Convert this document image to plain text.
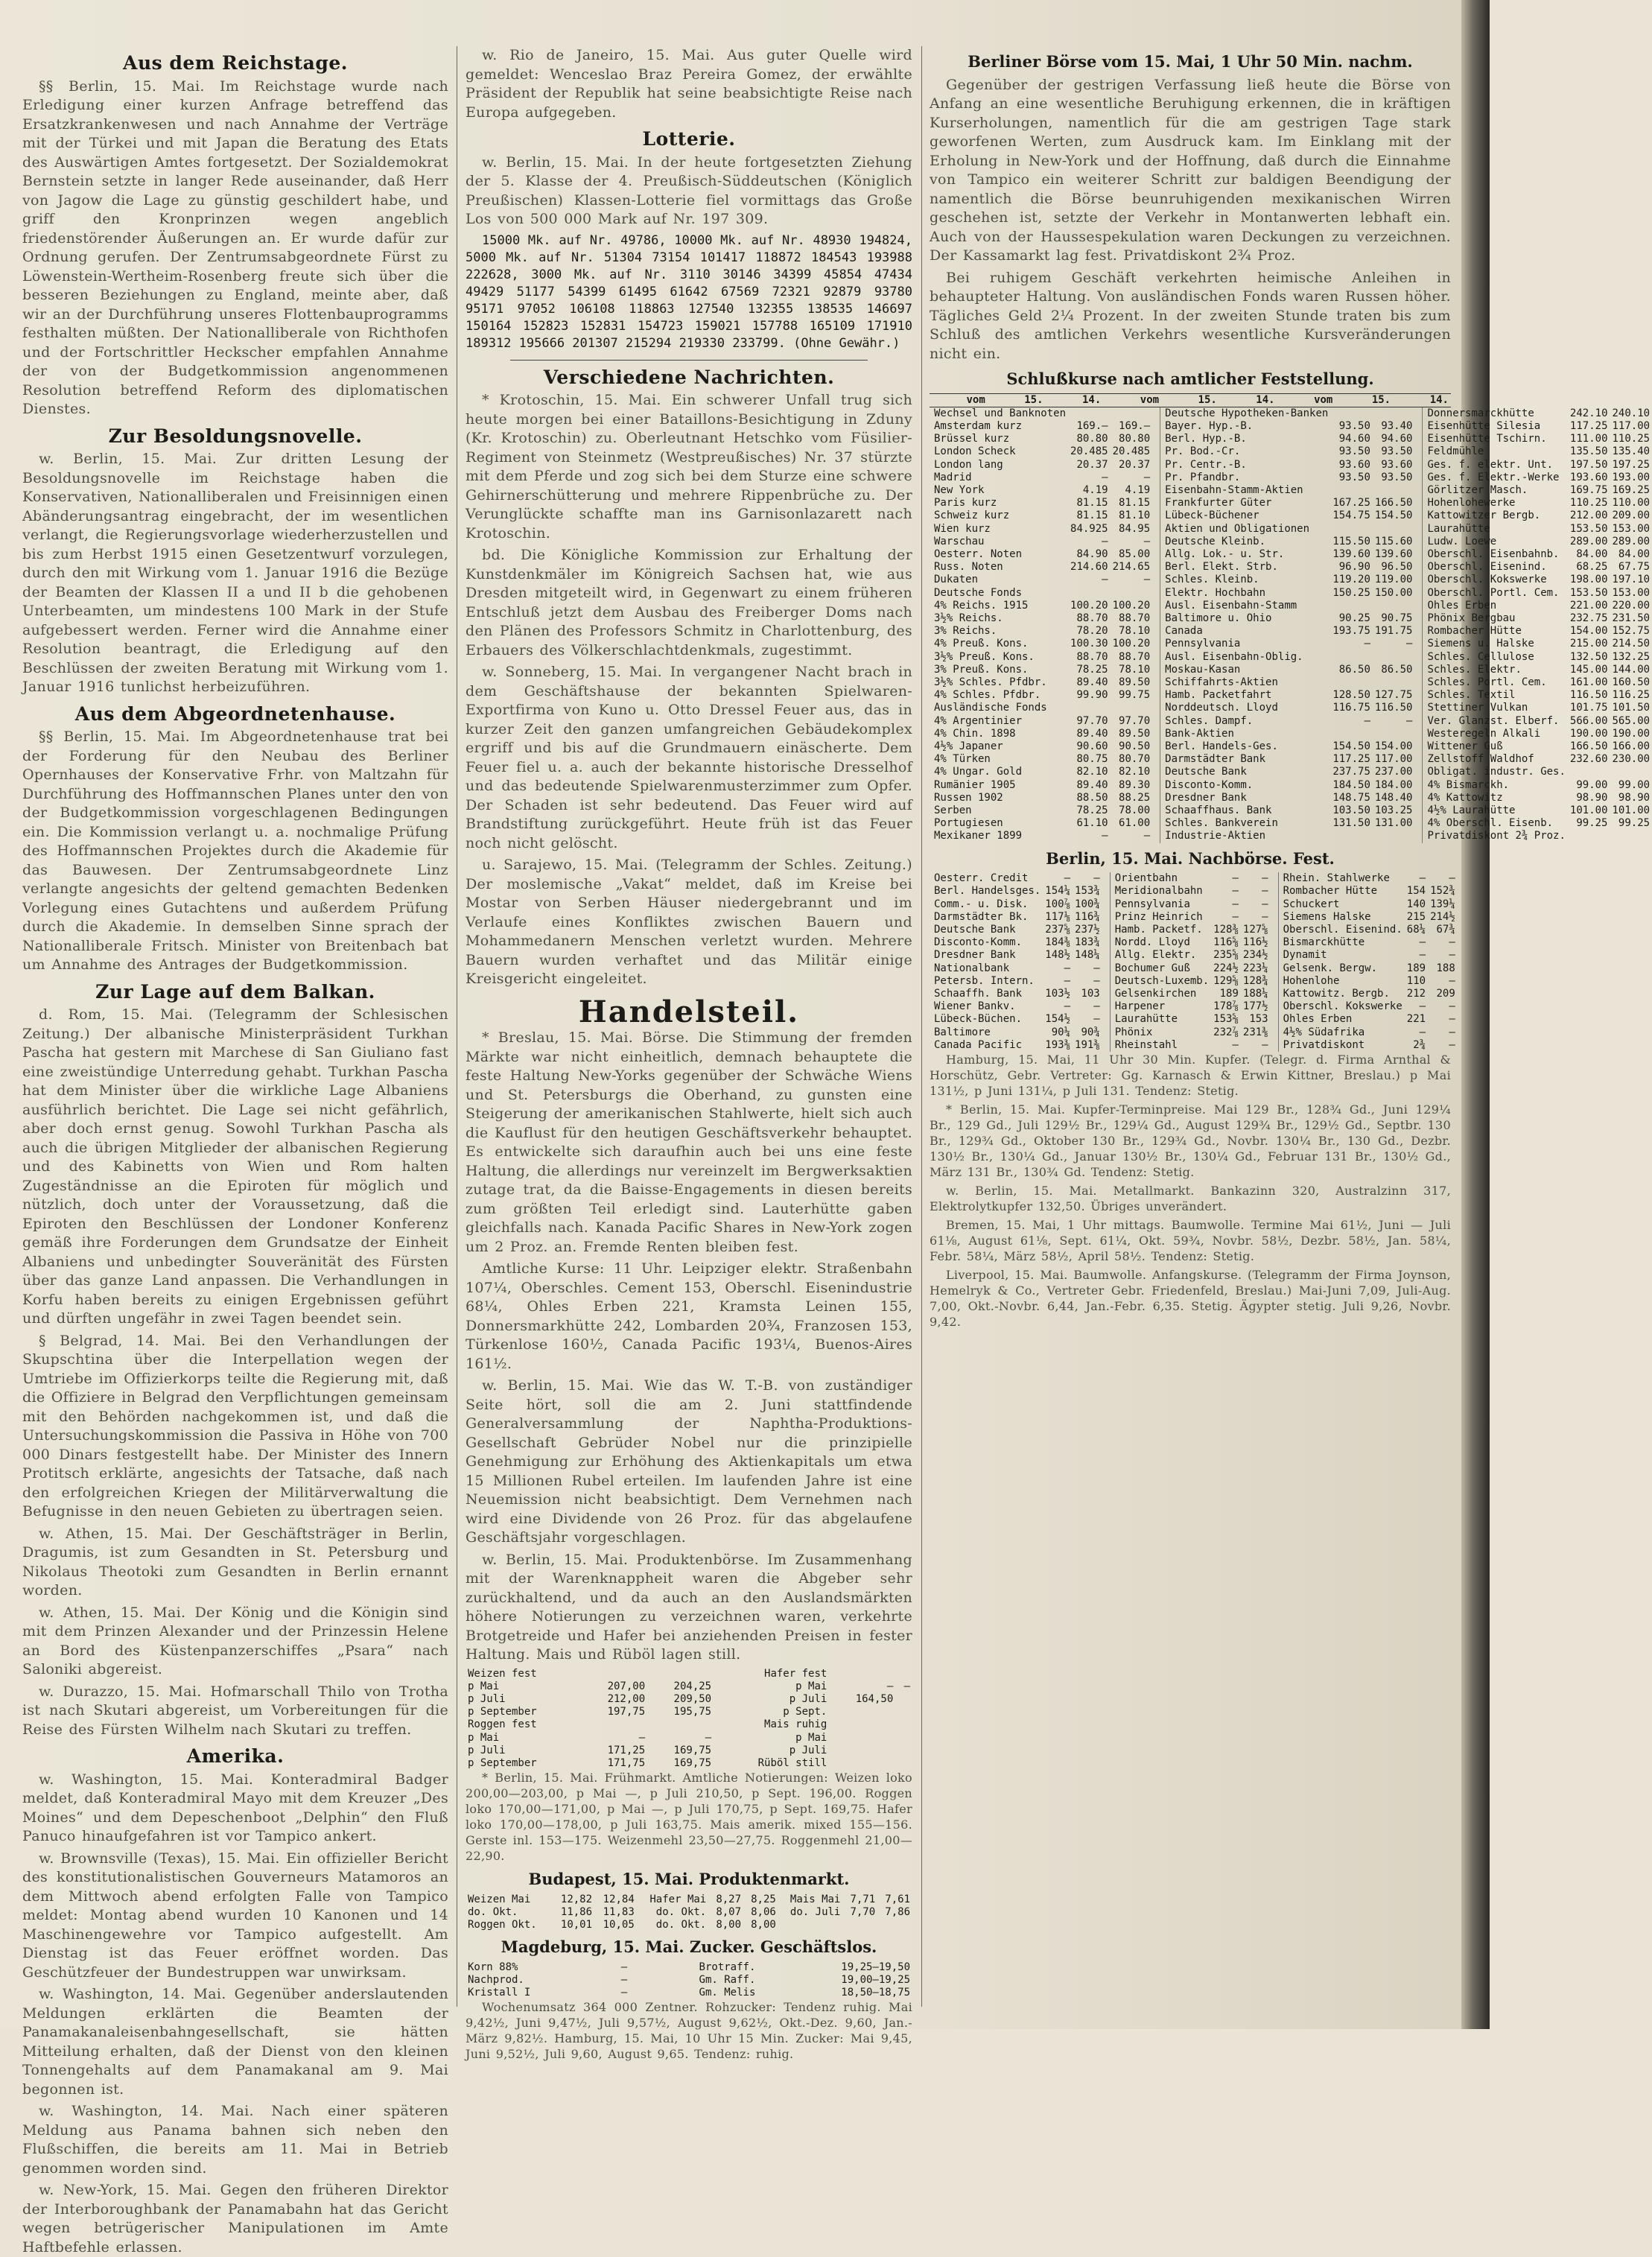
Aus dem Reichstage.

§§ Berlin, 15. Mai. Im Reichstage wurde nach Erledigung einer kurzen Anfrage betreffend das Ersatzkrankenwesen und nach Annahme der Verträge mit der Türkei und mit Japan die Beratung des Etats des Auswärtigen Amtes fortgesetzt. Der Sozialdemokrat Bernstein setzte in langer Rede auseinander, daß Herr von Jagow die Lage zu günstig geschildert habe, und griff den Kronprinzen wegen angeblich friedenstörender Äußerungen an. Er wurde dafür zur Ordnung gerufen. Der Zentrumsabgeordnete Fürst zu Löwenstein-Wertheim-Rosenberg freute sich über die besseren Beziehungen zu England, meinte aber, daß wir an der Durchführung unseres Flottenbauprogramms festhalten müßten. Der Nationalliberale von Richthofen und der Fortschrittler Heckscher empfahlen Annahme der von der Budgetkommission angenommenen Resolution betreffend Reform des diplomatischen Dienstes.

Zur Besoldungsnovelle.

w. Berlin, 15. Mai. Zur dritten Lesung der Besoldungsnovelle im Reichstage haben die Konservativen, Nationalliberalen und Freisinnigen einen Abänderungsantrag eingebracht, der im wesentlichen verlangt, die Regierungsvorlage wiederherzustellen und bis zum Herbst 1915 einen Gesetzentwurf vorzulegen, durch den mit Wirkung vom 1. Januar 1916 die Bezüge der Beamten der Klassen II a und II b die gehobenen Unterbeamten, um mindestens 100 Mark in der Stufe aufgebessert werden. Ferner wird die Annahme einer Resolution beantragt, die Erledigung auf den Beschlüssen der zweiten Beratung mit Wirkung vom 1. Januar 1916 tunlichst herbeizuführen.

Aus dem Abgeordnetenhause.

§§ Berlin, 15. Mai. Im Abgeordnetenhause trat bei der Forderung für den Neubau des Berliner Opernhauses der Konservative Frhr. von Maltzahn für Durchführung des Hoffmannschen Planes unter den von der Budgetkommission vorgeschlagenen Bedingungen ein. Die Kommission verlangt u. a. nochmalige Prüfung des Hoffmannschen Projektes durch die Akademie für das Bauwesen. Der Zentrumsabgeordnete Linz verlangte angesichts der geltend gemachten Bedenken Vorlegung eines Gutachtens und außerdem Prüfung durch die Akademie. In demselben Sinne sprach der Nationalliberale Fritsch. Minister von Breitenbach bat um Annahme des Antrages der Budgetkommission.

Zur Lage auf dem Balkan.

d. Rom, 15. Mai. (Telegramm der Schlesischen Zeitung.) Der albanische Ministerpräsident Turkhan Pascha hat gestern mit Marchese di San Giuliano fast eine zweistündige Unterredung gehabt. Turkhan Pascha hat dem Minister über die wirkliche Lage Albaniens ausführlich berichtet. Die Lage sei nicht gefährlich, aber doch ernst genug. Sowohl Turkhan Pascha als auch die übrigen Mitglieder der albanischen Regierung und des Kabinetts von Wien und Rom halten Zugeständnisse an die Epiroten für möglich und nützlich, doch unter der Voraussetzung, daß die Epiroten den Beschlüssen der Londoner Konferenz gemäß ihre Forderungen dem Grundsatze der Einheit Albaniens und unbedingter Souveränität des Fürsten über das ganze Land anpassen. Die Verhandlungen in Korfu haben bereits zu einigen Ergebnissen geführt und dürften ungefähr in zwei Tagen beendet sein.

§ Belgrad, 14. Mai. Bei den Verhandlungen der Skupschtina über die Interpellation wegen der Umtriebe im Offizierkorps teilte die Regierung mit, daß die Offiziere in Belgrad den Verpflichtungen gemeinsam mit den Behörden nachgekommen ist, und daß die Untersuchungskommission die Passiva in Höhe von 700 000 Dinars festgestellt habe. Der Minister des Innern Protitsch erklärte, angesichts der Tatsache, daß nach den erfolgreichen Kriegen der Militärverwaltung die Befugnisse in den neuen Gebieten zu übertragen seien.

w. Athen, 15. Mai. Der Geschäftsträger in Berlin, Dragumis, ist zum Gesandten in St. Petersburg und Nikolaus Theotoki zum Gesandten in Berlin ernannt worden.

w. Athen, 15. Mai. Der König und die Königin sind mit dem Prinzen Alexander und der Prinzessin Helene an Bord des Küstenpanzerschiffes „Psara“ nach Saloniki abgereist.

w. Durazzo, 15. Mai. Hofmarschall Thilo von Trotha ist nach Skutari abgereist, um Vorbereitungen für die Reise des Fürsten Wilhelm nach Skutari zu treffen.

Amerika.

w. Washington, 15. Mai. Konteradmiral Badger meldet, daß Konteradmiral Mayo mit dem Kreuzer „Des Moines“ und dem Depeschenboot „Delphin“ den Fluß Panuco hinaufgefahren ist vor Tampico ankert.

w. Brownsville (Texas), 15. Mai. Ein offizieller Bericht des konstitutionalistischen Gouverneurs Matamoros an dem Mittwoch abend erfolgten Falle von Tampico meldet: Montag abend wurden 10 Kanonen und 14 Maschinengewehre vor Tampico aufgestellt. Am Dienstag ist das Feuer eröffnet worden. Das Geschützfeuer der Bundestruppen war unwirksam.

w. Washington, 14. Mai. Gegenüber anderslautenden Meldungen erklärten die Beamten der Panamakanaleisenbahngesellschaft, sie hätten Mitteilung erhalten, daß der Dienst von den kleinen Tonnengehalts auf dem Panamakanal am 9. Mai begonnen ist.

w. Washington, 14. Mai. Nach einer späteren Meldung aus Panama bahnen sich neben den Flußschiffen, die bereits am 11. Mai in Betrieb genommen worden sind.

w. New-York, 15. Mai. Gegen den früheren Direktor der Interboroughbank der Panamabahn hat das Gericht wegen betrügerischer Manipulationen im Amte Haftbefehle erlassen.

w. Rio de Janeiro, 15. Mai. Aus guter Quelle wird gemeldet: Wenceslao Braz Pereira Gomez, der erwählte Präsident der Republik hat seine beabsichtigte Reise nach Europa aufgegeben.

Lotterie.

w. Berlin, 15. Mai. In der heute fortgesetzten Ziehung der 5. Klasse der 4. Preußisch-Süddeutschen (Königlich Preußischen) Klassen-Lotterie fiel vormittags das Große Los von 500 000 Mark auf Nr. 197 309.

15000 Mk. auf Nr. 49786, 10000 Mk. auf Nr. 48930 194824, 5000 Mk. auf Nr. 51304 73154 101417 118872 184543 193988 222628, 3000 Mk. auf Nr. 3110 30146 34399 45854 47434 49429 51177 54399 61495 61642 67569 72321 92879 93780 95171 97052 106108 118863 127540 132355 138535 146697 150164 152823 152831 154723 159021 157788 165109 171910 189312 195666 201307 215294 219330 233799. (Ohne Gewähr.)

Verschiedene Nachrichten.

* Krotoschin, 15. Mai. Ein schwerer Unfall trug sich heute morgen bei einer Bataillons-Besichtigung in Zduny (Kr. Krotoschin) zu. Oberleutnant Hetschko vom Füsilier-Regiment von Steinmetz (Westpreußisches) Nr. 37 stürzte mit dem Pferde und zog sich bei dem Sturze eine schwere Gehirnerschütterung und mehrere Rippenbrüche zu. Der Verunglückte schaffte man ins Garnisonlazarett nach Krotoschin.

bd. Die Königliche Kommission zur Erhaltung der Kunstdenkmäler im Königreich Sachsen hat, wie aus Dresden mitgeteilt wird, in Gegenwart zu einem früheren Entschluß jetzt dem Ausbau des Freiberger Doms nach den Plänen des Professors Schmitz in Charlottenburg, des Erbauers des Völkerschlachtdenkmals, zugestimmt.

w. Sonneberg, 15. Mai. In vergangener Nacht brach in dem Geschäftshause der bekannten Spielwaren-Exportfirma von Kuno u. Otto Dressel Feuer aus, das in kurzer Zeit den ganzen umfangreichen Gebäudekomplex ergriff und bis auf die Grundmauern einäscherte. Dem Feuer fiel u. a. auch der bekannte historische Dresselhof und das bedeutende Spielwarenmusterzimmer zum Opfer. Der Schaden ist sehr bedeutend. Das Feuer wird auf Brandstiftung zurückgeführt. Heute früh ist das Feuer noch nicht gelöscht.

u. Sarajewo, 15. Mai. (Telegramm der Schles. Zeitung.) Der moslemische „Vakat“ meldet, daß im Kreise bei Mostar von Serben Häuser niedergebrannt und im Verlaufe eines Konfliktes zwischen Bauern und Mohammedanern Menschen verletzt wurden. Mehrere Bauern wurden verhaftet und das Militär einige Kreisgericht eingeleitet.

Handelsteil.

* Breslau, 15. Mai. Börse. Die Stimmung der fremden Märkte war nicht einheitlich, demnach behauptete die feste Haltung New-Yorks gegenüber der Schwäche Wiens und St. Petersburgs die Oberhand, zu gunsten eine Steigerung der amerikanischen Stahlwerte, hielt sich auch die Kauflust für den heutigen Geschäftsverkehr behauptet. Es entwickelte sich daraufhin auch bei uns eine feste Haltung, die allerdings nur vereinzelt im Bergwerksaktien zutage trat, da die Baisse-Engagements in diesen bereits zum größten Teil erledigt sind. Lauterhütte gaben gleichfalls nach. Kanada Pacific Shares in New-York zogen um 2 Proz. an. Fremde Renten bleiben fest.

Amtliche Kurse: 11 Uhr. Leipziger elektr. Straßenbahn 107¼, Oberschles. Cement 153, Oberschl. Eisenindustrie 68¼, Ohles Erben 221, Kramsta Leinen 155, Donnersmarkhütte 242, Lombarden 20¾, Franzosen 153, Türkenlose 160½, Canada Pacific 193¼, Buenos-Aires 161½.

w. Berlin, 15. Mai. Wie das W. T.-B. von zuständiger Seite hört, soll die am 2. Juni stattfindende Generalversammlung der Naphtha-Produktions-Gesellschaft Gebrüder Nobel nur die prinzipielle Genehmigung zur Erhöhung des Aktienkapitals um etwa 15 Millionen Rubel erteilen. Im laufenden Jahre ist eine Neuemission nicht beabsichtigt. Dem Vernehmen nach wird eine Dividende von 26 Proz. für das abgelaufene Geschäftsjahr vorgeschlagen.

w. Berlin, 15. Mai. Produktenbörse. Im Zusammenhang mit der Warenknappheit waren die Abgeber sehr zurückhaltend, und da auch an den Auslandsmärkten höhere Notierungen zu verzeichnen waren, verkehrte Brotgetreide und Hafer bei anziehenden Preisen in fester Haltung. Mais und Rüböl lagen still.

Weizen fest			Hafer fest		
p Mai	207,00	204,25	p Mai	—	—
p Juli	212,00	209,50	p Juli	164,50	
p September	197,75	195,75	p Sept.		
Roggen fest			Mais ruhig		
p Mai	—	—	p Mai		
p Juli	171,25	169,75	p Juli		
p September	171,75	169,75	Rüböl still		

* Berlin, 15. Mai. Frühmarkt. Amtliche Notierungen: Weizen loko 200,00—203,00, p Mai —, p Juli 210,50, p Sept. 196,00. Roggen loko 170,00—171,00, p Mai —, p Juli 170,75, p Sept. 169,75. Hafer loko 170,00—178,00, p Juli 163,75. Mais amerik. mixed 155—156. Gerste inl. 153—175. Weizenmehl 23,50—27,75. Roggenmehl 21,00—22,90.

Budapest, 15. Mai. Produktenmarkt.
Weizen Mai	12,82	12,84	Hafer Mai	8,27	8,25	Mais Mai	7,71	7,61
do. Okt.	11,86	11,83	do. Okt.	8,07	8,06	do. Juli	7,70	7,86
Roggen Okt.	10,01	10,05	do. Okt.	8,00	8,00			
Magdeburg, 15. Mai. Zucker. Geschäftslos.
Korn 88%	—	Brotraff.	19,25–19,50
Nachprod.	—	Gm. Raff.	19,00–19,25
Kristall I	—	Gm. Melis	18,50–18,75

Wochenumsatz 364 000 Zentner. Rohzucker: Tendenz ruhig. Mai 9,42½, Juni 9,47½, Juli 9,57½, August 9,62½, Okt.-Dez. 9,60, Jan.-März 9,82½. Hamburg, 15. Mai, 10 Uhr 15 Min. Zucker: Mai 9,45, Juni 9,52½, Juli 9,60, August 9,65. Tendenz: ruhig.

Berliner Börse vom 15. Mai, 1 Uhr 50 Min. nachm.

Gegenüber der gestrigen Verfassung ließ heute die Börse von Anfang an eine wesentliche Beruhigung erkennen, die in kräftigen Kurserholungen, namentlich für die am gestrigen Tage stark geworfenen Werten, zum Ausdruck kam. Im Einklang mit der Erholung in New-York und der Hoffnung, daß durch die Einnahme von Tampico ein weiterer Schritt zur baldigen Beendigung der namentlich die Börse beunruhigenden mexikanischen Wirren geschehen ist, setzte der Verkehr in Montanwerten lebhaft ein. Auch von der Haussespekulation waren Deckungen zu verzeichnen. Der Kassamarkt lag fest. Privatdiskont 2¾ Proz.

Bei ruhigem Geschäft verkehrten heimische Anleihen in behaupteter Haltung. Von ausländischen Fonds waren Russen höher. Tägliches Geld 2¼ Prozent. In der zweiten Stunde traten bis zum Schluß des amtlichen Verkehrs wesentliche Kursveränderungen nicht ein.

Schlußkurse nach amtlicher Feststellung.
vom	15.	14.	vom	15.	14.	vom	15.	14.
Wechsel und Banknoten		
Amsterdam kurz	169.—	169.—
Brüssel kurz	80.80	80.80
London Scheck	20.485	20.485
London lang	20.37	20.37
Madrid	—	—
New York	4.19	4.19
Paris kurz	81.15	81.15
Schweiz kurz	81.15	81.10
Wien kurz	84.925	84.95
Warschau	—	—
Oesterr. Noten	84.90	85.00
Russ. Noten	214.60	214.65
Dukaten	—	—
Deutsche Fonds		
4% Reichs. 1915	100.20	100.20
3½% Reichs.	88.70	88.70
3% Reichs.	78.20	78.10
4% Preuß. Kons.	100.30	100.20
3½% Preuß. Kons.	88.70	88.70
3% Preuß. Kons.	78.25	78.10
3½% Schles. Pfdbr.	89.40	89.50
4% Schles. Pfdbr.	99.90	99.75
Ausländische Fonds		
4% Argentinier	97.70	97.70
4% Chin. 1898	89.40	89.50
4½% Japaner	90.60	90.50
4% Türken	80.75	80.70
4% Ungar. Gold	82.10	82.10
Rumänier 1905	89.40	89.30
Russen 1902	88.50	88.25
Serben	78.25	78.00
Portugiesen	61.10	61.00
Mexikaner 1899	—	—
Deutsche Hypotheken-Banken		
Bayer. Hyp.-B.	93.50	93.40
Berl. Hyp.-B.	94.60	94.60
Pr. Bod.-Cr.	93.50	93.50
Pr. Centr.-B.	93.60	93.60
Pr. Pfandbr.	93.50	93.50
Eisenbahn-Stamm-Aktien		
Frankfurter Güter	167.25	166.50
Lübeck-Büchener	154.75	154.50
Aktien und Obligationen		
Deutsche Kleinb.	115.50	115.60
Allg. Lok.- u. Str.	139.60	139.60
Berl. Elekt. Strb.	96.90	96.50
Schles. Kleinb.	119.20	119.00
Elektr. Hochbahn	150.25	150.00
Ausl. Eisenbahn-Stamm		
Baltimore u. Ohio	90.25	90.75
Canada	193.75	191.75
Pennsylvania	—	—
Ausl. Eisenbahn-Oblig.		
Moskau-Kasan	86.50	86.50
Schiffahrts-Aktien		
Hamb. Packetfahrt	128.50	127.75
Norddeutsch. Lloyd	116.75	116.50
Schles. Dampf.	—	—
Bank-Aktien		
Berl. Handels-Ges.	154.50	154.00
Darmstädter Bank	117.25	117.00
Deutsche Bank	237.75	237.00
Disconto-Komm.	184.50	184.00
Dresdner Bank	148.75	148.40
Schaaffhaus. Bank	103.50	103.25
Schles. Bankverein	131.50	131.00
Industrie-Aktien		
Donnersmarckhütte	242.10	240.10
Eisenhütte Silesia	117.25	117.00
Eisenhütte Tschirn.	111.00	110.25
Feldmühle	135.50	135.40
Ges. f. elektr. Unt.	197.50	197.25
Ges. f. Elektr.-Werke	193.60	193.00
Görlitzer Masch.	169.75	169.25
Hohenlohewerke	110.25	110.00
Kattowitzer Bergb.	212.00	209.00
Laurahütte	153.50	153.00
Ludw. Loewe	289.00	289.00
Oberschl. Eisenbahnb.	84.00	84.00
Oberschl. Eisenind.	68.25	67.75
Oberschl. Kokswerke	198.00	197.10
Oberschl. Portl. Cem.	153.50	153.00
Ohles Erben	221.00	220.00
Phönix Bergbau	232.75	231.50
Rombacher Hütte	154.00	152.75
Siemens u. Halske	215.00	214.50
Schles. Cellulose	132.50	132.25
Schles. Elektr.	145.00	144.00
Schles. Portl. Cem.	161.00	160.50
Schles. Textil	116.50	116.25
Stettiner Vulkan	101.75	101.50
Ver. Glanzst. Elberf.	566.00	565.00
Westeregeln Alkali	190.00	190.00
Wittener Guß	166.50	166.00
Zellstoff Waldhof	232.60	230.00
Obligat. industr. Ges.		
4% Bismarckh.	99.00	99.00
4% Kattowitz	98.90	98.90
4½% Laurahütte	101.00	101.00
4% Oberschl. Eisenb.	99.25	99.25
Privatdiskont 2¾ Proz.		
Berlin, 15. Mai. Nachbörse. Fest.
Oesterr. Credit	—	—
Berl. Handelsges.	154¼	153¾
Comm.- u. Disk.	100⅞	100¾
Darmstädter Bk.	117⅛	116¾
Deutsche Bank	237⅝	237½
Disconto-Komm.	184⅜	183¾
Dresdner Bank	148½	148¼
Nationalbank	—	—
Petersb. Intern.	—	—
Schaaffh. Bank	103½	103
Wiener Bankv.	—	—
Lübeck-Büchen.	154½	—
Baltimore	90¼	90¾
Canada Pacific	193⅜	191⅜
Orientbahn	—	—
Meridionalbahn	—	—
Pennsylvania	—	—
Prinz Heinrich	—	—
Hamb. Packetf.	128⅜	127⅝
Nordd. Lloyd	116⅝	116½
Allg. Elektr.	235⅝	234½
Bochumer Guß	224½	223¼
Deutsch-Luxemb.	129⅝	128¾
Gelsenkirchen	189	188¼
Harpener	178⅞	177½
Laurahütte	153⅝	153
Phönix	232⅞	231⅜
Rheinstahl	—	—
Rhein. Stahlwerke	—	—
Rombacher Hütte	154	152¾
Schuckert	140	139¼
Siemens Halske	215	214½
Oberschl. Eisenind.	68¼	67¾
Bismarckhütte	—	—
Dynamit	—	—
Gelsenk. Bergw.	189	188
Hohenlohe	110	—
Kattowitz. Bergb.	212	209
Oberschl. Kokswerke	—	—
Ohles Erben	221	—
4½% Südafrika	—	—
Privatdiskont	2¾	—

Hamburg, 15. Mai, 11 Uhr 30 Min. Kupfer. (Telegr. d. Firma Arnthal & Horschütz, Gebr. Vertreter: Gg. Karnasch & Erwin Kittner, Breslau.) p Mai 131½, p Juni 131¼, p Juli 131. Tendenz: Stetig.

* Berlin, 15. Mai. Kupfer-Terminpreise. Mai 129 Br., 128¾ Gd., Juni 129¼ Br., 129 Gd., Juli 129½ Br., 129¼ Gd., August 129¾ Br., 129½ Gd., Septbr. 130 Br., 129¾ Gd., Oktober 130 Br., 129¾ Gd., Novbr. 130¼ Br., 130 Gd., Dezbr. 130½ Br., 130¼ Gd., Januar 130½ Br., 130¼ Gd., Februar 131 Br., 130½ Gd., März 131 Br., 130¾ Gd. Tendenz: Stetig.

w. Berlin, 15. Mai. Metallmarkt. Bankazinn 320, Australzinn 317, Elektrolytkupfer 132,50. Übriges unverändert.

Bremen, 15. Mai, 1 Uhr mittags. Baumwolle. Termine Mai 61½, Juni — Juli 61⅛, August 61⅛, Sept. 61¼, Okt. 59¾, Novbr. 58½, Dezbr. 58½, Jan. 58¼, Febr. 58¼, März 58½, April 58½. Tendenz: Stetig.

Liverpool, 15. Mai. Baumwolle. Anfangskurse. (Telegramm der Firma Joynson, Hemelryk & Co., Vertreter Gebr. Friedenfeld, Breslau.) Mai-Juni 7,09, Juli-Aug. 7,00, Okt.-Novbr. 6,44, Jan.-Febr. 6,35. Stetig. Ägypter stetig. Juli 9,26, Novbr. 9,42.
